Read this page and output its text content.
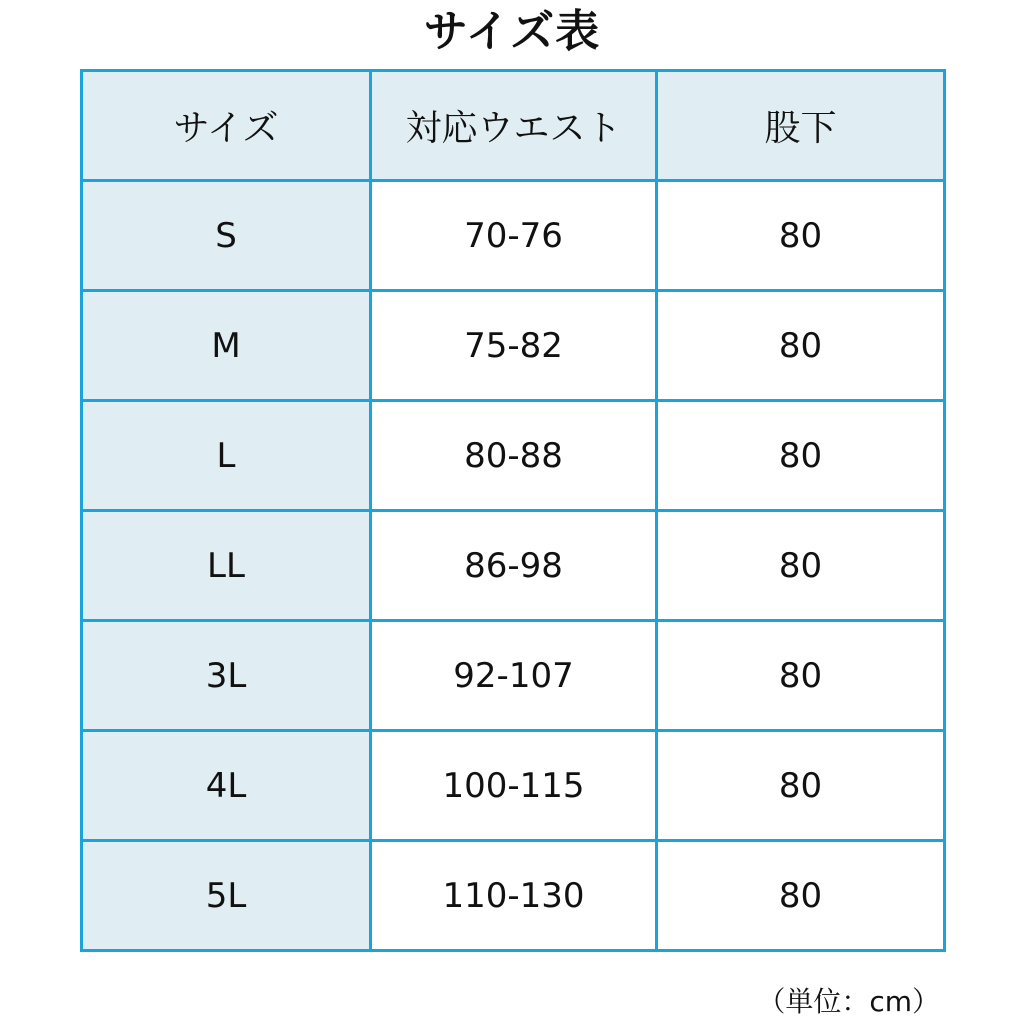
サイズ表
サイズ	対応ウエスト	股下
S	70-76	80
M	75-82	80
L	80-88	80
LL	86-98	80
3L	92-107	80
4L	100-115	80
5L	110-130	80
（単位：cm）
